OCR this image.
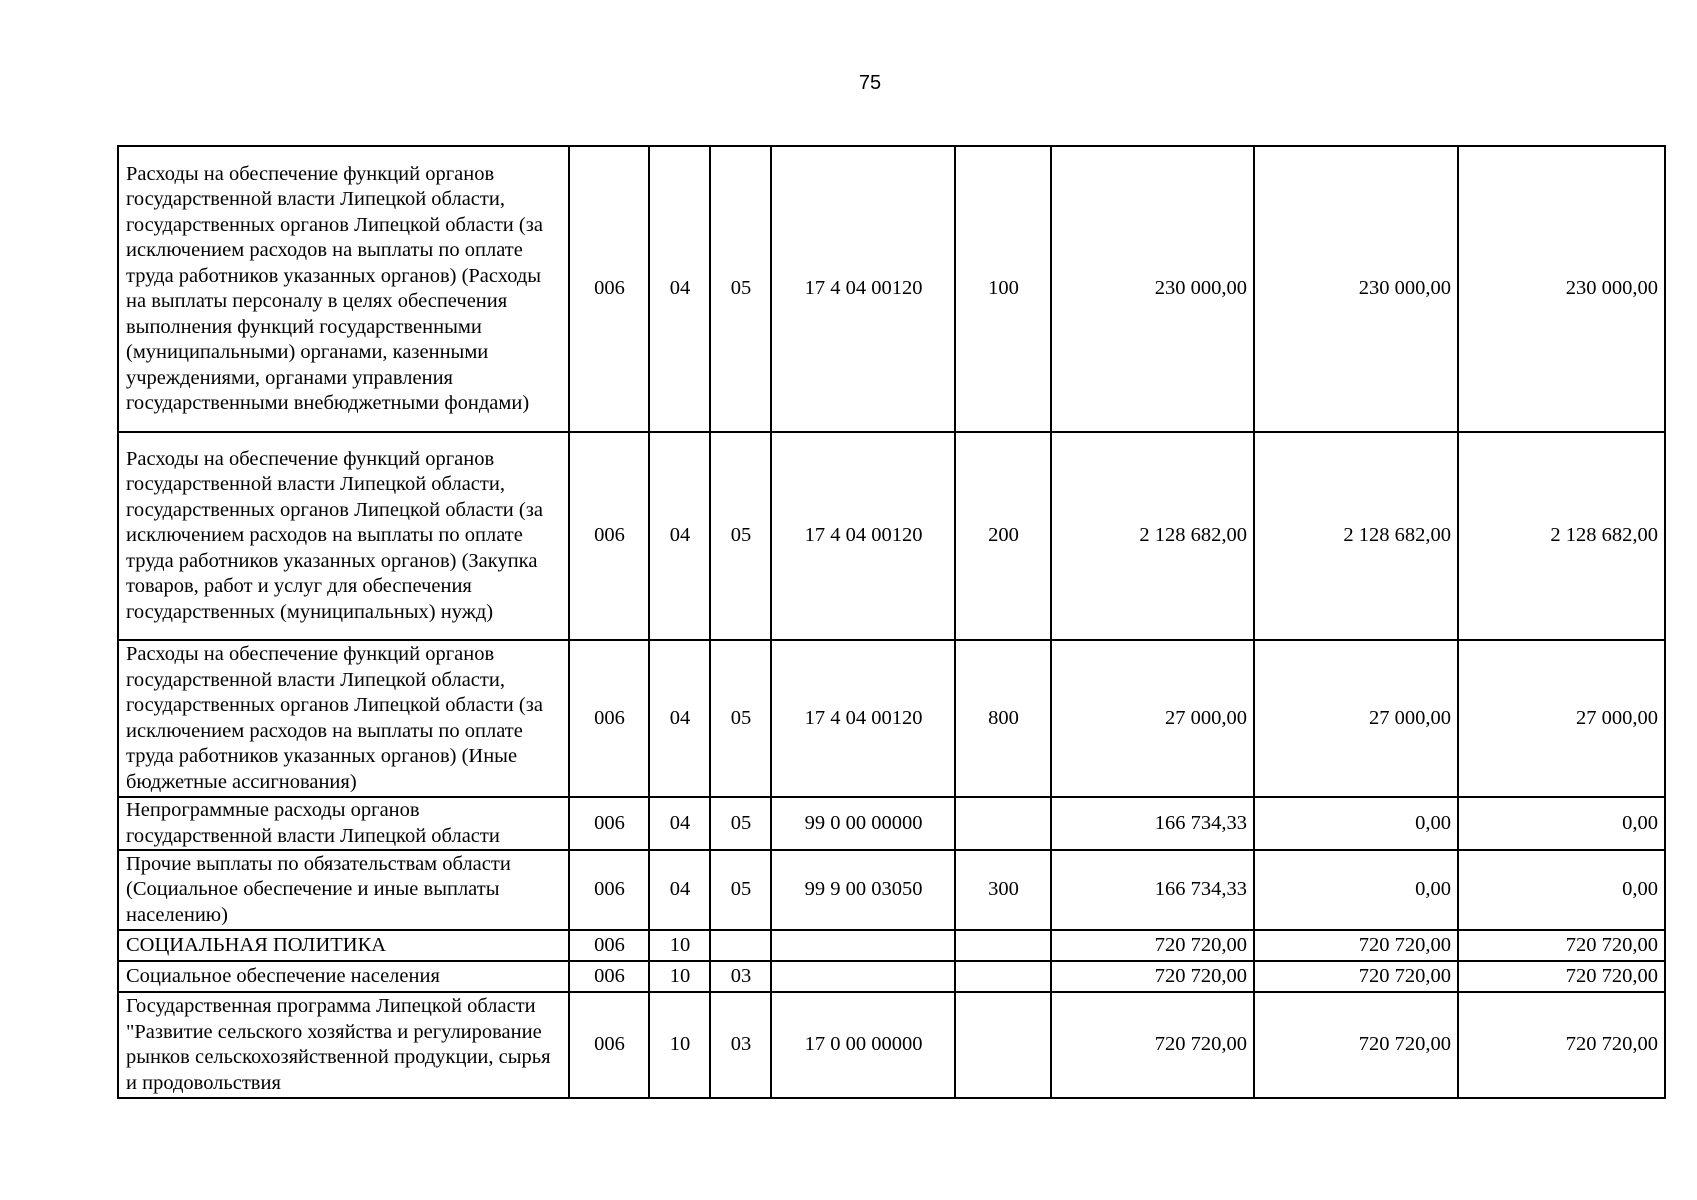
75
Расходы на обеспечение функций органов государственной власти Липецкой области, государственных органов Липецкой области (за исключением расходов на выплаты по оплате труда работников указанных органов) (Расходы на выплаты персоналу в целях обеспечения выполнения функций государственными (муниципальными) органами, казенными учреждениями, органами управления государственными внебюджетными фондами)	006	04	05	17 4 04 00120	100	230 000,00	230 000,00	230 000,00
Расходы на обеспечение функций органов государственной власти Липецкой области, государственных органов Липецкой области (за исключением расходов на выплаты по оплате труда работников указанных органов) (Закупка товаров, работ и услуг для обеспечения государственных (муниципальных) нужд)	006	04	05	17 4 04 00120	200	2 128 682,00	2 128 682,00	2 128 682,00
Расходы на обеспечение функций органов государственной власти Липецкой области, государственных органов Липецкой области (за исключением расходов на выплаты по оплате труда работников указанных органов) (Иные бюджетные ассигнования)	006	04	05	17 4 04 00120	800	27 000,00	27 000,00	27 000,00
Непрограммные расходы органов государственной власти Липецкой области	006	04	05	99 0 00 00000		166 734,33	0,00	0,00
Прочие выплаты по обязательствам области (Социальное обеспечение и иные выплаты населению)	006	04	05	99 9 00 03050	300	166 734,33	0,00	0,00
СОЦИАЛЬНАЯ ПОЛИТИКА	006	10				720 720,00	720 720,00	720 720,00
Социальное обеспечение населения	006	10	03			720 720,00	720 720,00	720 720,00
Государственная программа Липецкой области "Развитие сельского хозяйства и регулирование рынков сельскохозяйственной продукции, сырья и продовольствия	006	10	03	17 0 00 00000		720 720,00	720 720,00	720 720,00
